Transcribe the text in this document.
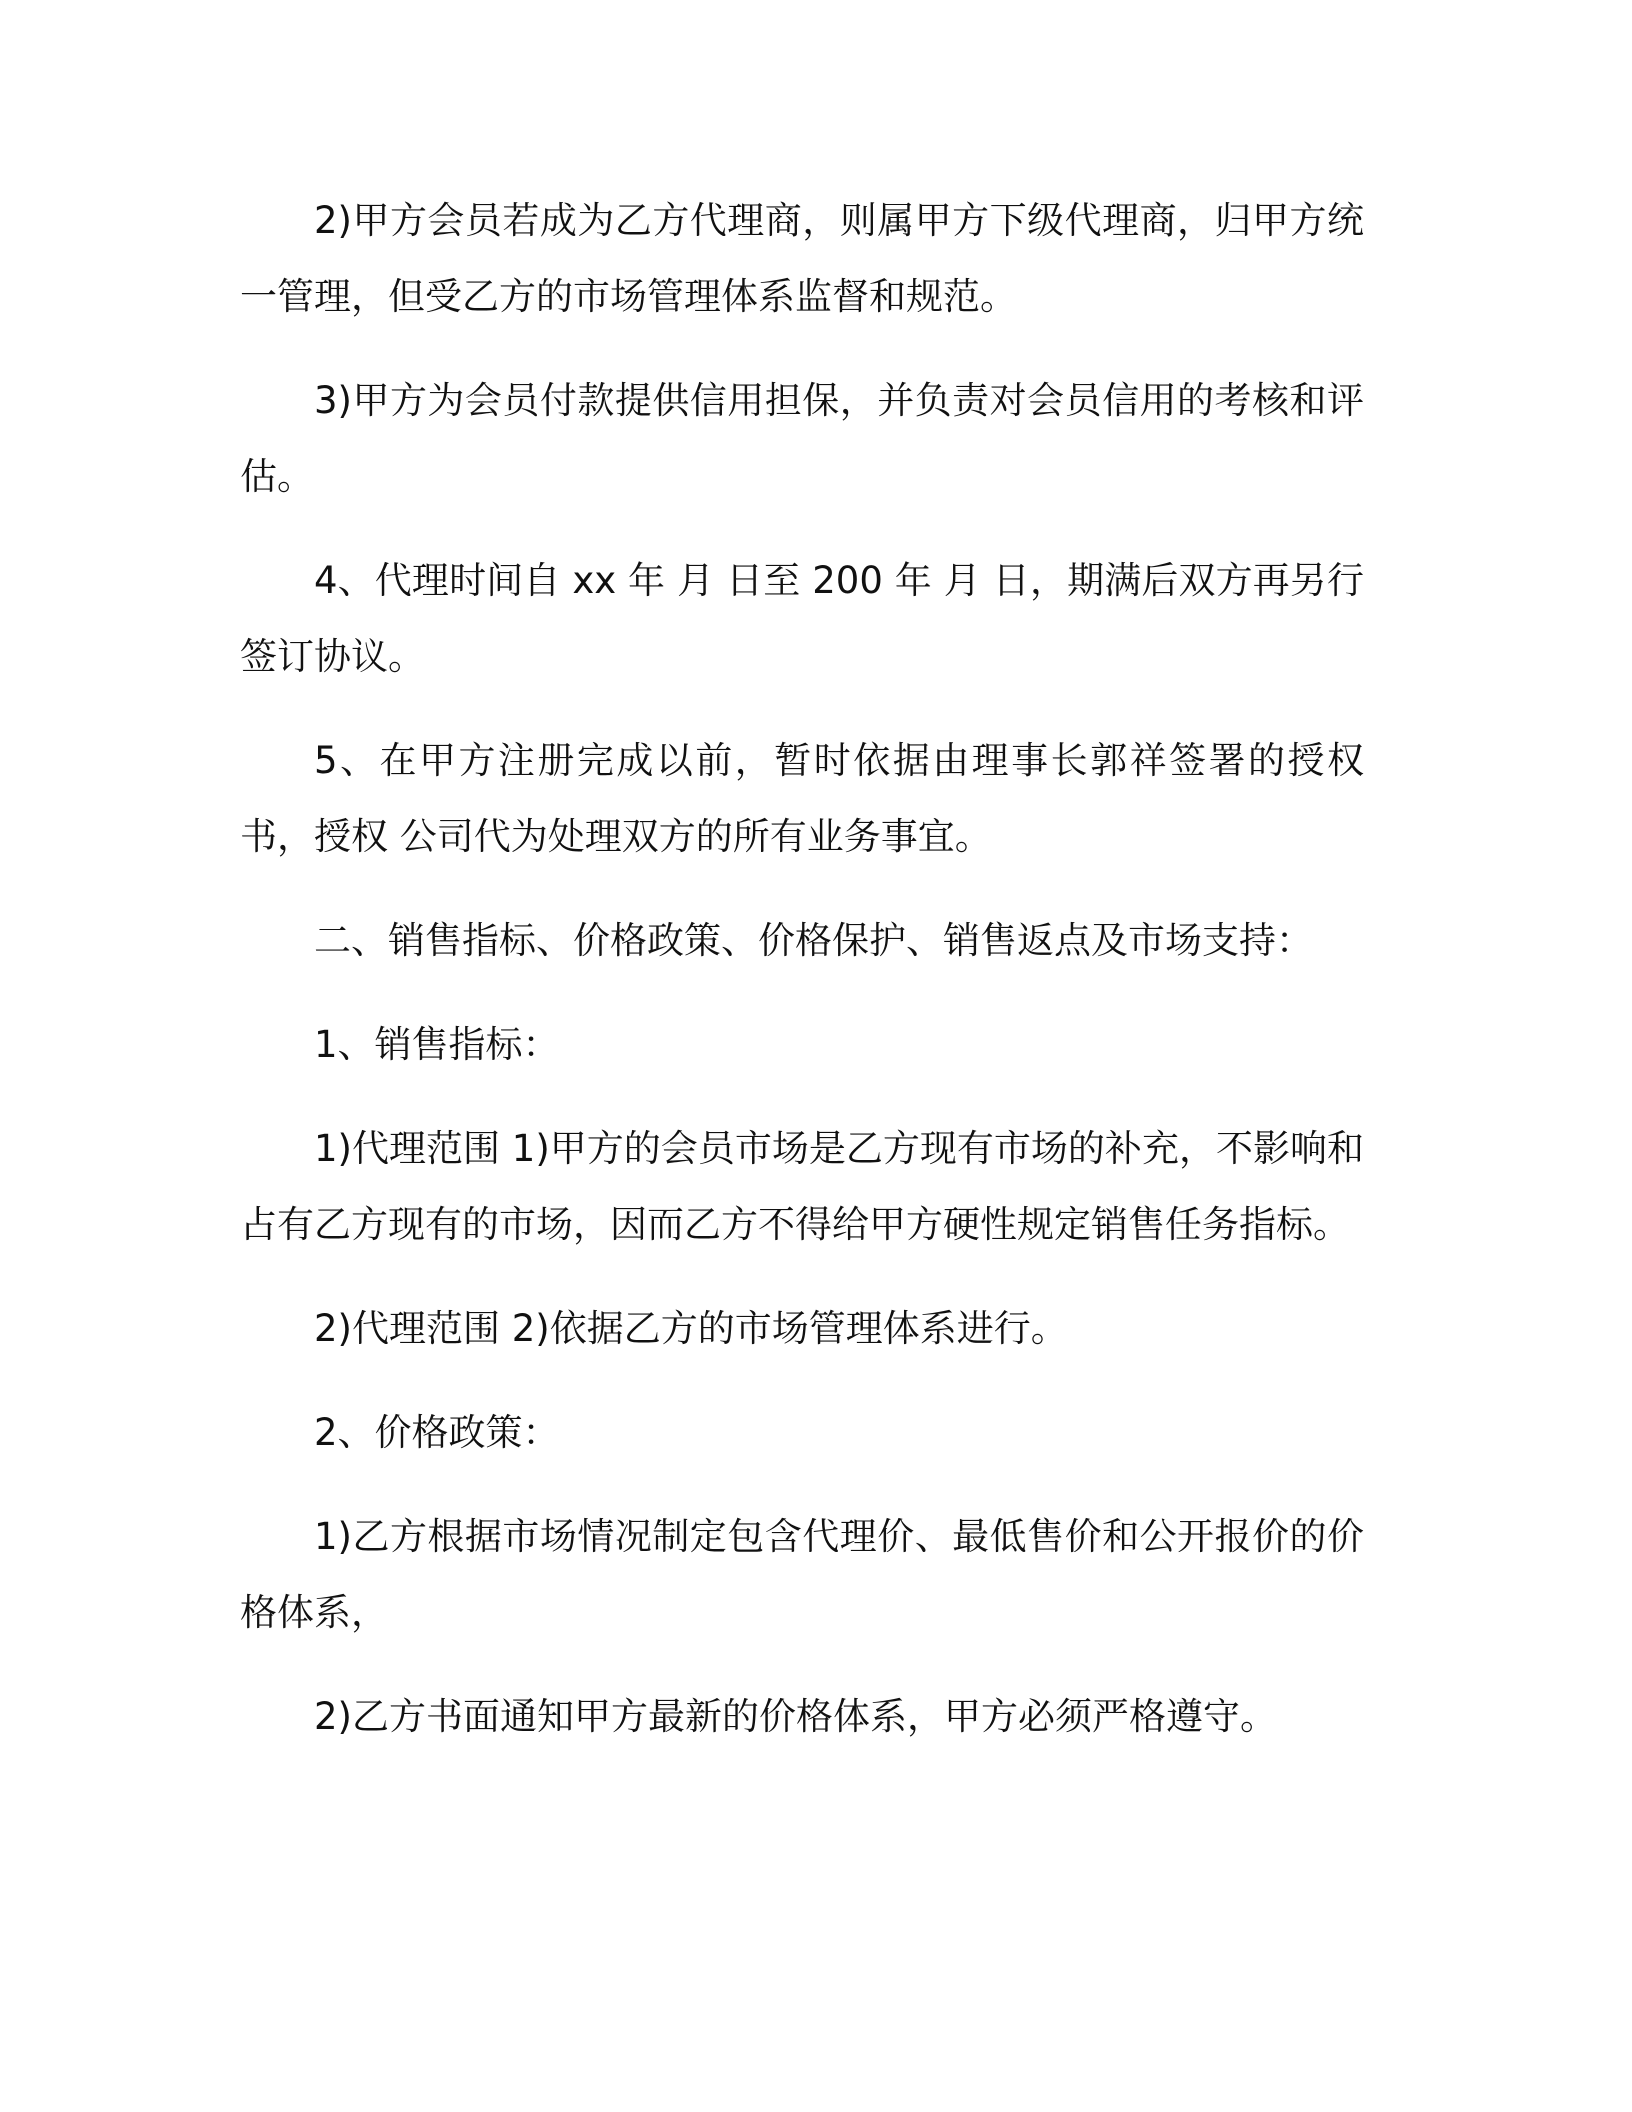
2)甲方会员若成为乙方代理商，则属甲方下级代理商，归甲方统一管理，但受乙方的市场管理体系监督和规范。

3)甲方为会员付款提供信用担保，并负责对会员信用的考核和评估。

4、代理时间自 xx 年 月 日至 200 年 月 日，期满后双方再另行签订协议。

5、在甲方注册完成以前，暂时依据由理事长郭祥签署的授权书，授权 公司代为处理双方的所有业务事宜。

二、销售指标、价格政策、价格保护、销售返点及市场支持：

1、销售指标：

1)代理范围 1)甲方的会员市场是乙方现有市场的补充，不影响和占有乙方现有的市场，因而乙方不得给甲方硬性规定销售任务指标。

2)代理范围 2)依据乙方的市场管理体系进行。

2、价格政策：

1)乙方根据市场情况制定包含代理价、最低售价和公开报价的价格体系，

2)乙方书面通知甲方最新的价格体系，甲方必须严格遵守。
